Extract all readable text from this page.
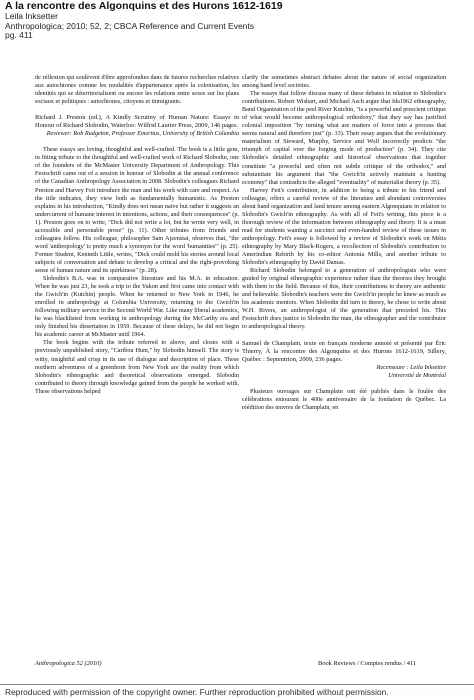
A la rencontre des Algonquins et des Hurons 1612-1619
Leila Inksetter
Anthropologica; 2010; 52, 2; CBCA Reference and Current Events
pg. 411

de réflexion qui soulèvent d'être approfondies dans de futures recherches relatives aux autochtones comme les modalités d'appartenance après la colonisation, les identités qui se déterritorialisent ou encore les relations entre sexes sur les plans sociaux et politiques : autochtones, citoyens et immigrants.

Richard J. Preston (ed.), A Kindly Scrutiny of Human Nature: Essays in Honour of Richard Slobodin, Waterloo: Wilfrid Laurier Press, 2009, 146 pages.

Reviewer: Rob Rudgeton, Professor Emeritus, University of British Columbia

These essays are loving, thoughtful and well-crafted. The book is a little gem, in fitting tribute to the thoughtful and well-crafted work of Richard Slobodin, one of the founders of the McMaster University Department of Anthropology. This Festschrift came out of a session in honour of Slobodin at the annual conference of the Canadian Anthropology Association in 2008. Slobodin's colleagues Richard Preston and Harvey Feit introduce the man and his work with care and respect. As the title indicates, they view both as fundamentally humanistic. As Preston explains in his introduction, "Kindly does not mean naive but rather it suggests an undercurrent of humane interest in intentions, actions, and their consequences" (p. 1). Preston goes on to write, "Dick did not write a lot, but he wrote very well, in accessible and personable prose" (p. 11). Other tributes from friends and colleagues follow. His colleague, philosopher Sam Ajzenstat, observes that, "the word 'anthropology' is pretty much a synonym for the word 'humanities'" (p. 25). Former Student, Kenneth Little, writes, "Dick could mold his stories around local subjects of conversation and debate to develop a critical and the right-provoking sense of human nature and its quirkiness" (p. 28).

Slobodin's B.A. was in comparative literature and his M.A. in education. When he was just 23, he took a trip to the Yukon and first came into contact with the Gwich'in (Kutchin) people. When he returned to New York in 1946, he enrolled in anthropology at Columbia University, returning to the Gwich'in following military service in the Second World War. Like many liberal academics, he was blacklisted from working in anthropology during the McCarthy era and only finished his dissertation in 1959. Because of these delays, he did not begin his academic career at McMaster until 1964.

The book begins with the tribute referred to above, and closes with a previously unpublished story, "Caribou Hunt," by Slobodin himself. The story is witty, insightful and crisp in its use of dialogue and description of place. These northern adventures of a greenhorn from New York are the reality from which Slobodin's ethnographic and theoretical observations emerged. Slobodin contributed to theory through knowledge gained from the people he worked with. These observations helped

clarify the sometimes abstract debates about the nature of social organization among band level societies.

The essays that follow discuss many of these debates in relation to Slobodin's contributions. Robert Wishart, and Michael Asch argue that Ida1962 ethnography, Band Organization of the peel River Kutchin, "is a powerful and prescient critique of what would become anthropological orthodoxy," that they say has justified colonial imposition "by turning what are matters of force into a process that seems natural and therefore just" (p. 33). Their essay argues that the evolutionary materialism of Steward, Murphy, Service and Wolf incorrectly predicts "the triumph of capital over the forging mode of production" (p. 34). They cite Slobodin's detailed ethnographic and historical observations that together constitute "a powerful and often not subtle critique of the orthodox," and substantiate his argument that "the Gwich'in actively maintain a hunting economy" that contradicts the alleged "eventuality" of materialist theory (p. 35).

Harvey Feit's contribution, in addition to being a tribute to his friend and colleague, offers a careful review of the literature and abundant controversies about band organization and land tenure among eastern Algonquians in relation to Slobodin's Gwich'in ethnography. As with all of Feit's writing, this piece is a thorough review of the information between ethnography and theory. It is a must read for students wanting a succinct and even-handed review of these issues in anthropology. Feit's essay is followed by a review of Slobodin's work on Métis ethnography by Mary Black-Rogers, a recollection of Slobodin's contribution to Amerindian Rebirth by his co-editor Antonia Mills, and another tribute to Slobodin's ethnography by David Damas.

Richard Slobodin belonged to a generation of anthropologists who were guided by original ethnographic experience rather than the theories they brought with them to the field. Because of this, their contributions to theory are authentic and believable. Slobodin's teachers were the Gwich'in people he knew as much as his academic mentors. When Slobodin did turn to theory, he chose to write about W.H. Rivers, an anthropologist of the generation that preceded his. This Festschrift does justice to Slobodin the man, the ethnographer and the contributor to anthropological theory.

Samuel de Champlain, texte en français moderne annoté et présenté par Éric Thierry, À la rencontre des Algonquins et des Hurons 1612-1619, Sillery, Québec : Septentrion, 2009, 236 pages.

Recenseure : Leila Inksetter

Université de Montréal

Plusieurs ouvrages sur Champlain ont été publiés dans le foulée des célébrations entourant le 400e anniversaire de la fondation de Québec. La réédition des œuvres de Champlain, en

Anthropologica 52 (2010)	Book Reviews / Comptes rendus / 411
Reproduced with permission of the copyright owner. Further reproduction prohibited without permission.
